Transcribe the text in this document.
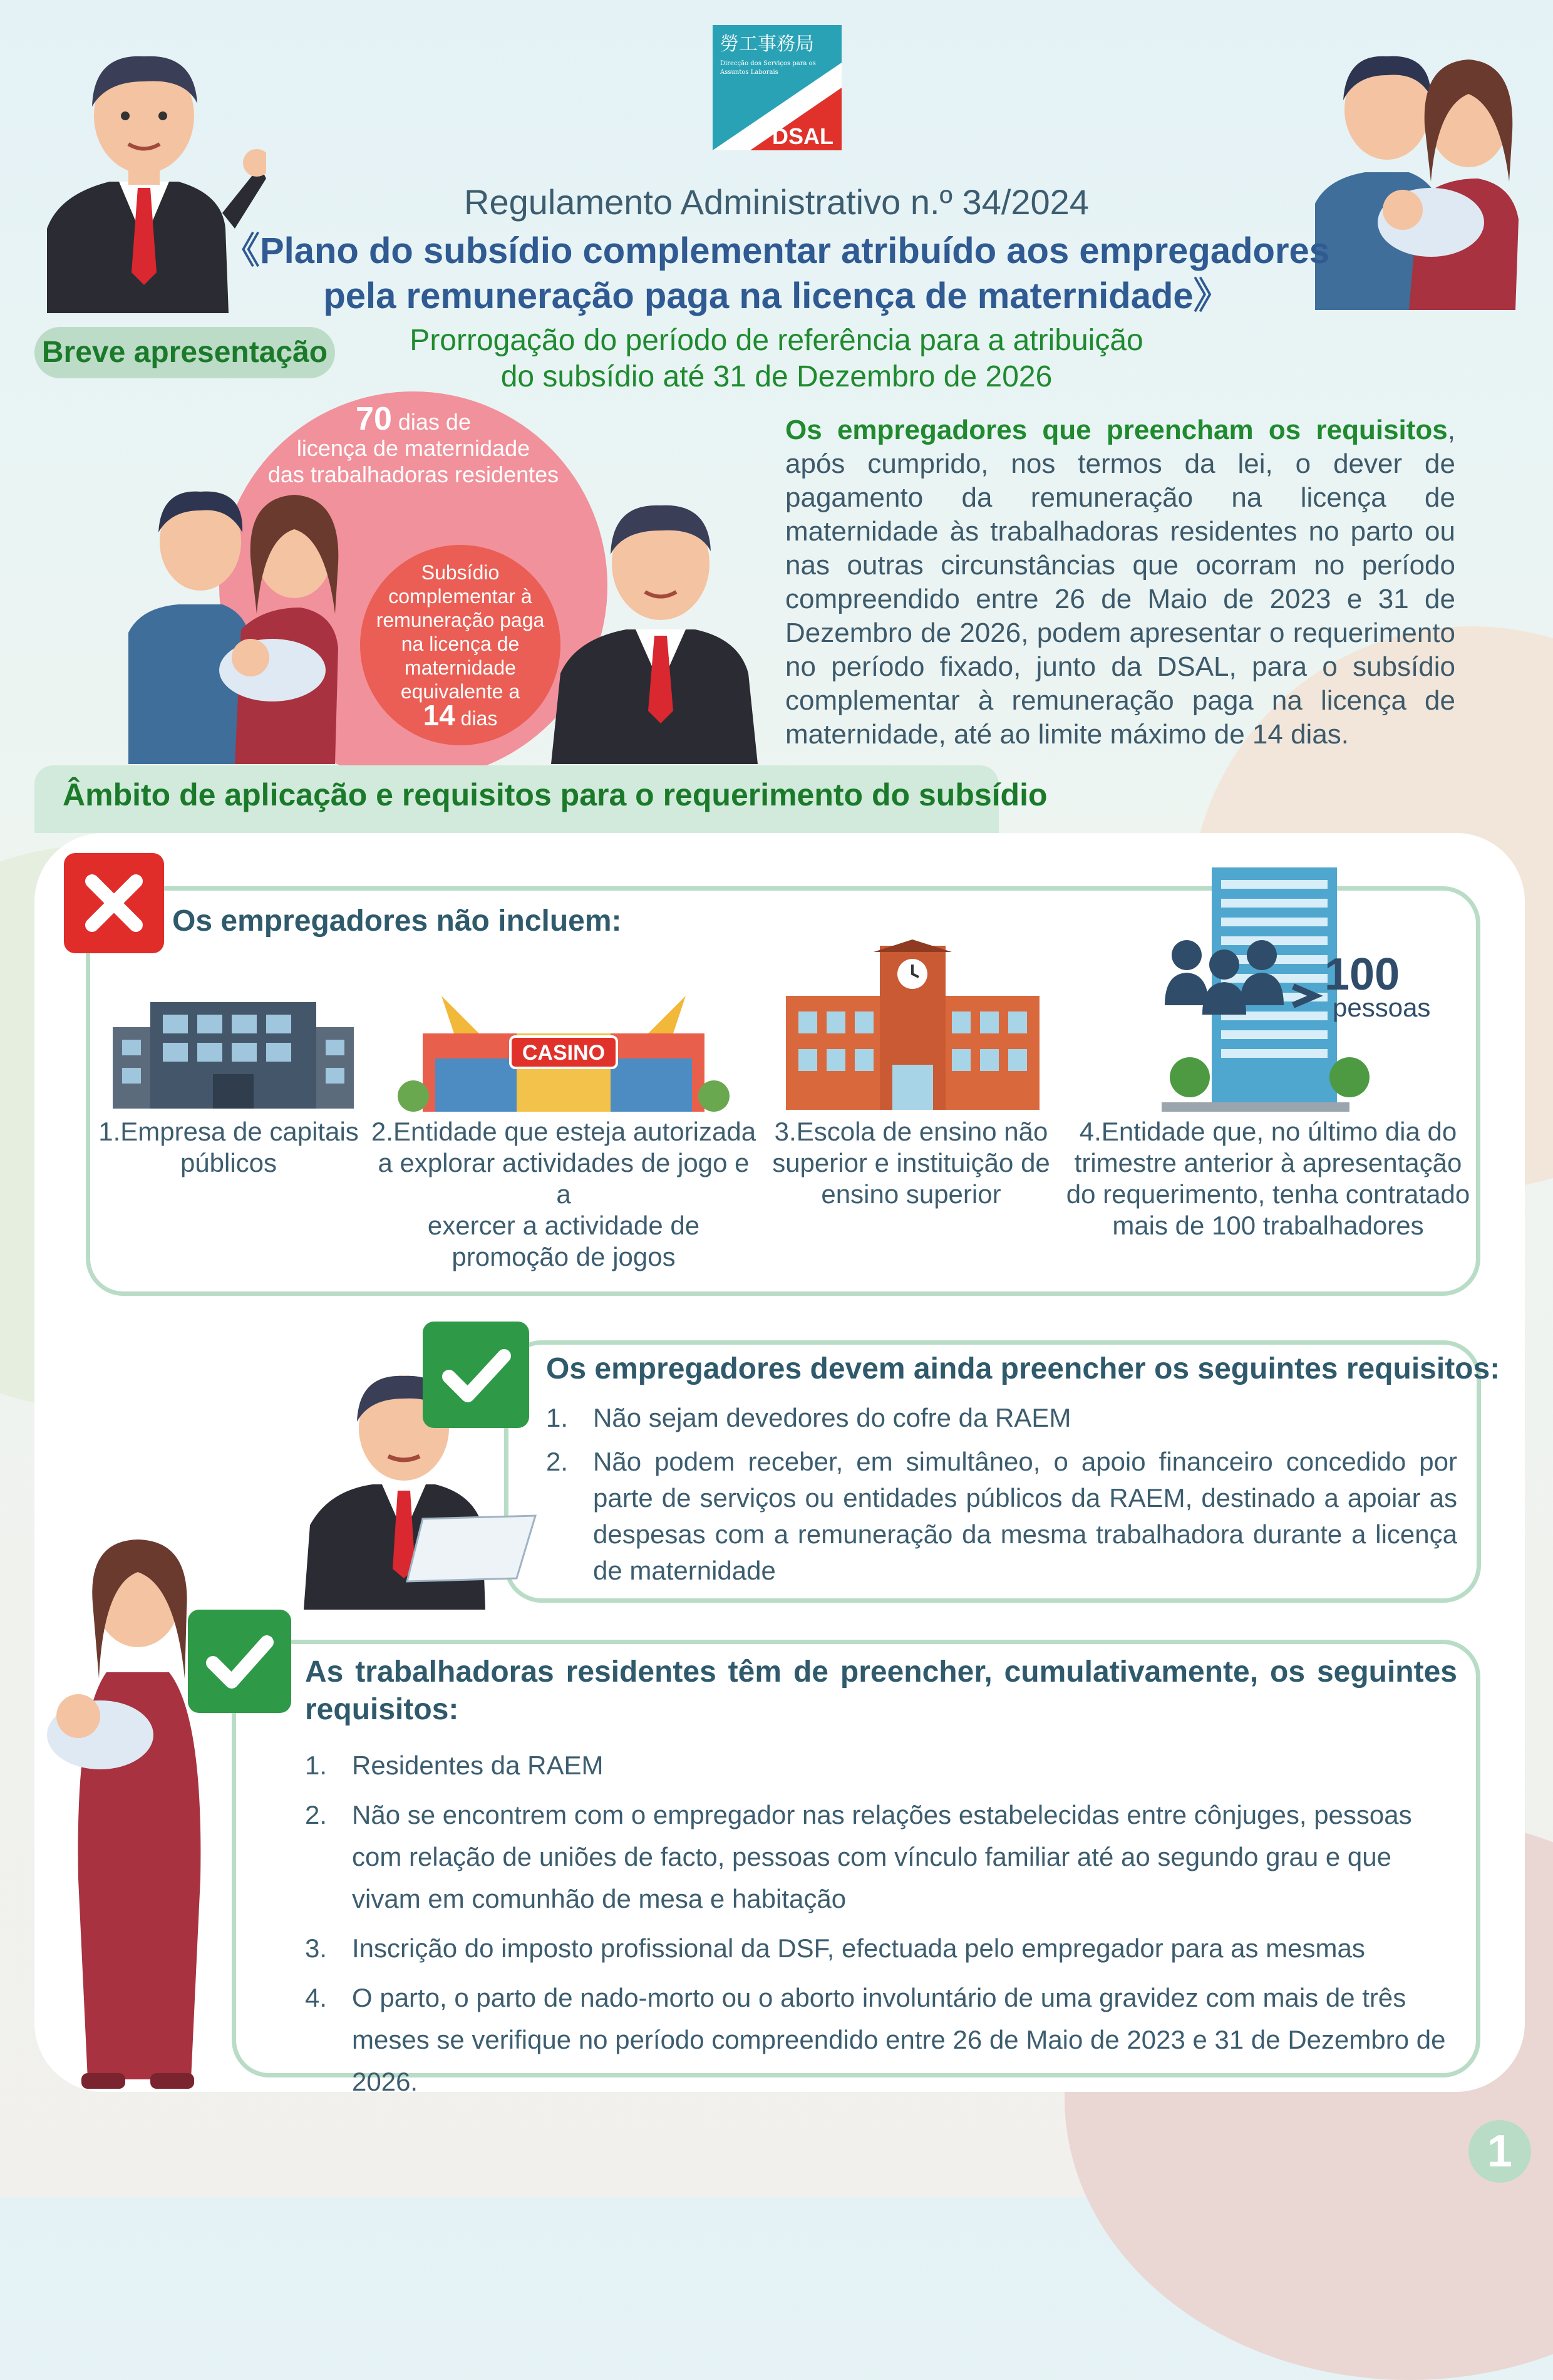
勞工事務局
Direcção dos Serviços para os
Assuntos Laborais
DSAL
Regulamento Administrativo n.º 34/2024
《Plano do subsídio complementar atribuído aos empregadores
pela remuneração paga na licença de maternidade》
Breve apresentação	Prorrogação do período de referência para a atribuição
do subsídio até 31 de Dezembro de 2026
70 dias de
licença de maternidade
das trabalhadoras residentes
Subsídio
complementar à
remuneração paga
na licença de
maternidade
equivalente a
14 dias
Os empregadores que preencham os requisitos, após cumprido, nos termos da lei, o dever de pagamento da remuneração na licença de maternidade às trabalhadoras residentes no parto ou nas outras circunstâncias que ocorram no período compreendido entre 26 de Maio de 2023 e 31 de Dezembro de 2026, podem apresentar o requerimento no período fixado, junto da DSAL, para o subsídio complementar à remuneração paga na licença de maternidade, até ao limite máximo de 14 dias.
Âmbito de aplicação e requisitos para o requerimento do subsídio
Os empregadores não incluem:
CASINO
100
pessoas
1.Empresa de capitais
públicos
2.Entidade que esteja autorizada
a explorar actividades de jogo e a
exercer a actividade de
promoção de jogos
3.Escola de ensino não
superior e instituição de
ensino superior
4.Entidade que, no último dia do
trimestre anterior à apresentação
do requerimento, tenha contratado
mais de 100 trabalhadores
Os empregadores devem ainda preencher os seguintes requisitos:
1. Não sejam devedores do cofre da RAEM
2. Não podem receber, em simultâneo, o apoio financeiro concedido por parte de serviços ou entidades públicos da RAEM, destinado a apoiar as despesas com a remuneração da mesma trabalhadora durante a licença de maternidade
As trabalhadoras residentes têm de preencher, cumulativamente, os seguintes requisitos:
1. Residentes da RAEM
2. Não se encontrem com o empregador nas relações estabelecidas entre cônjuges, pessoas com relação de uniões de facto, pessoas com vínculo familiar até ao segundo grau e que vivam em comunhão de mesa e habitação
3. Inscrição do imposto profissional da DSF, efectuada pelo empregador para as mesmas
4. O parto, o parto de nado-morto ou o aborto involuntário de uma gravidez com mais de três meses se verifique no período compreendido entre 26 de Maio de 2023 e 31 de Dezembro de 2026.
1
